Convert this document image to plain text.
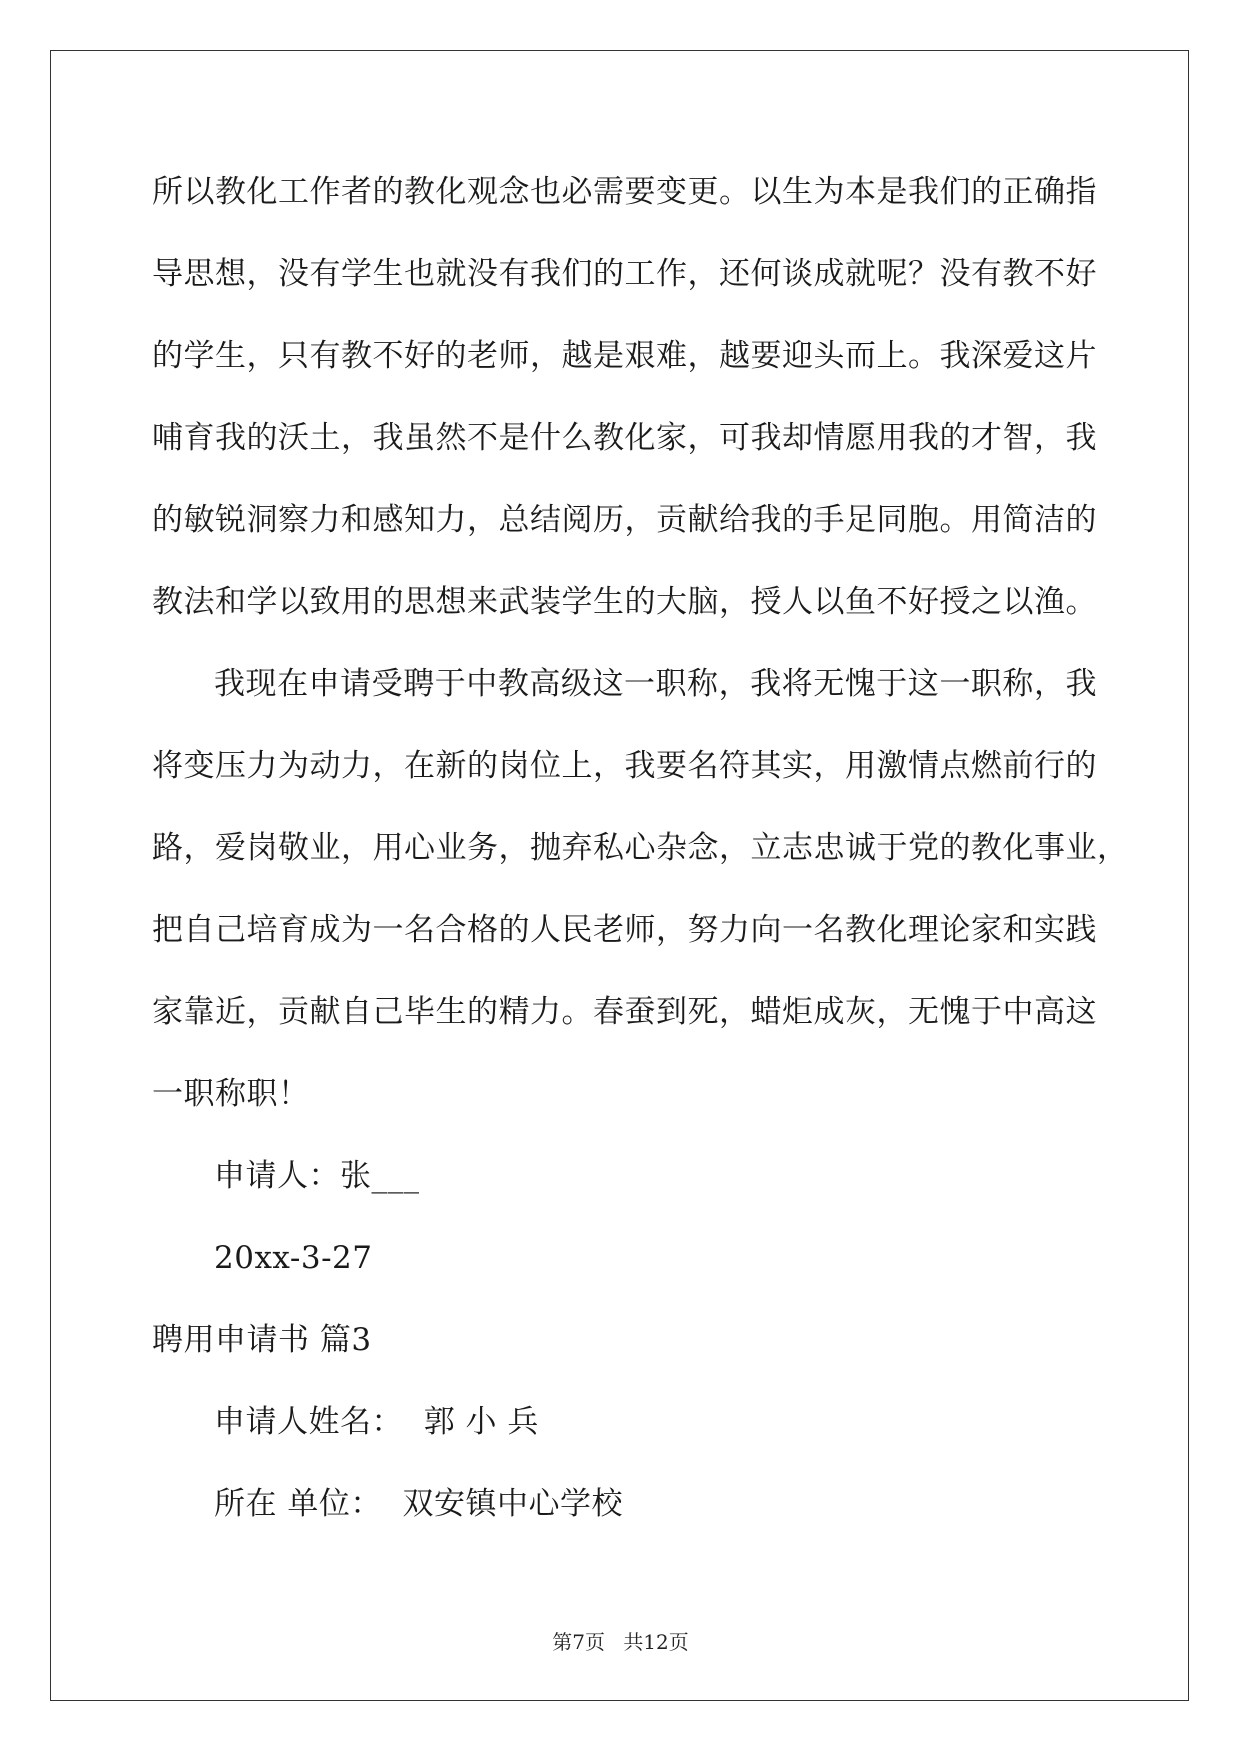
所以教化工作者的教化观念也必需要变更。以生为本是我们的正确指
导思想，没有学生也就没有我们的工作，还何谈成就呢？没有教不好
的学生，只有教不好的老师，越是艰难，越要迎头而上。我深爱这片
哺育我的沃土，我虽然不是什么教化家，可我却情愿用我的才智，我
的敏锐洞察力和感知力，总结阅历，贡献给我的手足同胞。用简洁的
教法和学以致用的思想来武装学生的大脑，授人以鱼不好授之以渔。
我现在申请受聘于中教高级这一职称，我将无愧于这一职称，我
将变压力为动力，在新的岗位上，我要名符其实，用激情点燃前行的
路，爱岗敬业，用心业务，抛弃私心杂念，立志忠诚于党的教化事业，
把自己培育成为一名合格的人民老师，努力向一名教化理论家和实践
家靠近，贡献自己毕生的精力。春蚕到死，蜡炬成灰，无愧于中高这
一职称职！
申请人：张___
20xx-3-27
聘用申请书 篇3
申请人姓名：  郭 小 兵
所在 单位：  双安镇中心学校
第7页 共12页
